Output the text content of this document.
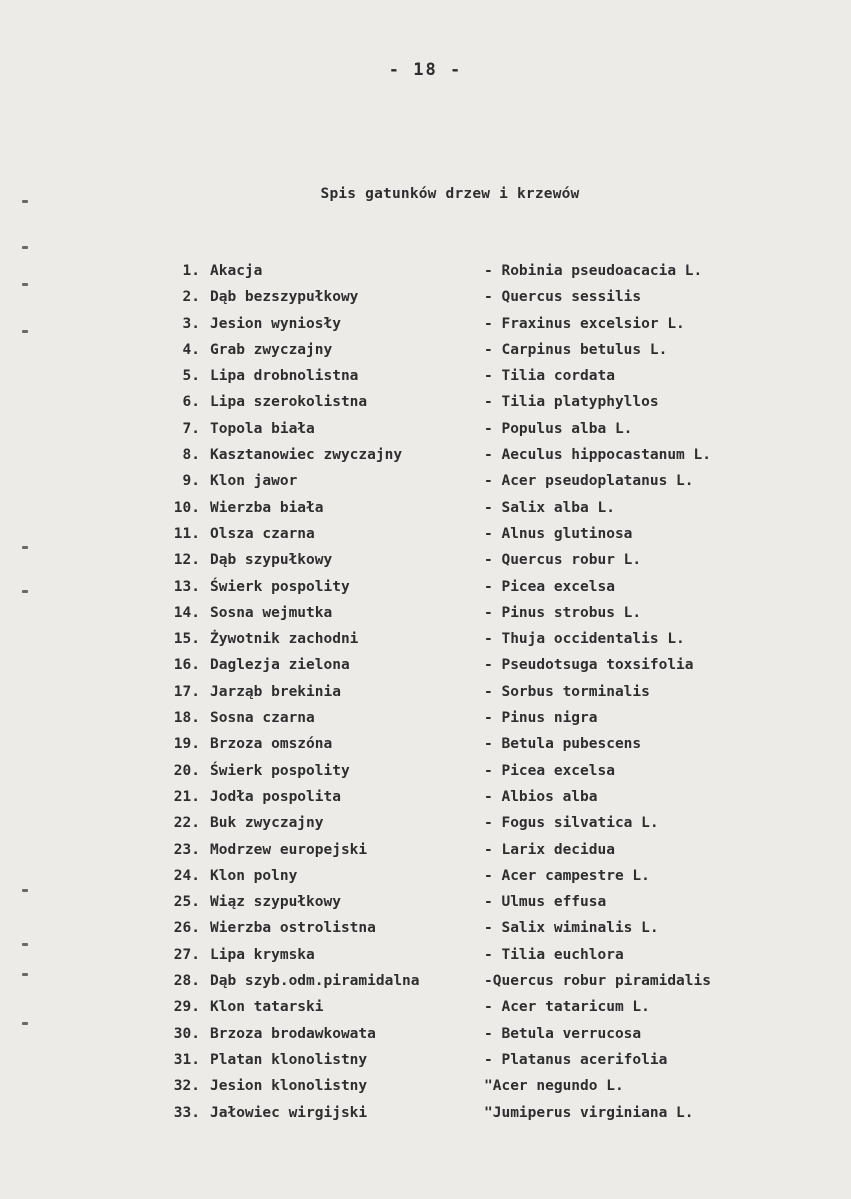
- 18 -
Spis gatunków drzew i krzewów
1. Akacja	- Robinia pseudoacacia L.
2. Dąb bezszypułkowy	- Quercus sessilis
3. Jesion wyniosły	- Fraxinus excelsior L.
4. Grab zwyczajny	- Carpinus betulus L.
5. Lipa drobnolistna	- Tilia cordata
6. Lipa szerokolistna	- Tilia platyphyllos
7. Topola biała	- Populus alba L.
8. Kasztanowiec zwyczajny	- Aeculus hippocastanum L.
9. Klon jawor	- Acer pseudoplatanus L.
10. Wierzba biała	- Salix alba L.
11. Olsza czarna	- Alnus glutinosa
12. Dąb szypułkowy	- Quercus robur L.
13. Świerk pospolity	- Picea excelsa
14. Sosna wejmutka	- Pinus strobus L.
15. Żywotnik zachodni	- Thuja occidentalis L.
16. Daglezja zielona	- Pseudotsuga toxsifolia
17. Jarząb brekinia	- Sorbus torminalis
18. Sosna czarna	- Pinus nigra
19. Brzoza omszóna	- Betula pubescens
20. Świerk pospolity	- Picea excelsa
21. Jodła pospolita	- Albios alba
22. Buk zwyczajny	- Fogus silvatica L.
23. Modrzew europejski	- Larix decidua
24. Klon polny	- Acer campestre L.
25. Wiąz szypułkowy	- Ulmus effusa
26. Wierzba ostrolistna	- Salix wiminalis L.
27. Lipa krymska	- Tilia euchlora
28. Dąb szyb.odm.piramidalna	-Quercus robur piramidalis
29. Klon tatarski	- Acer tataricum L.
30. Brzoza brodawkowata	- Betula verrucosa
31. Platan klonolistny	- Platanus acerifolia
32. Jesion klonolistny	"Acer negundo L.
33. Jałowiec wirgijski	"Jumiperus virginiana L.
